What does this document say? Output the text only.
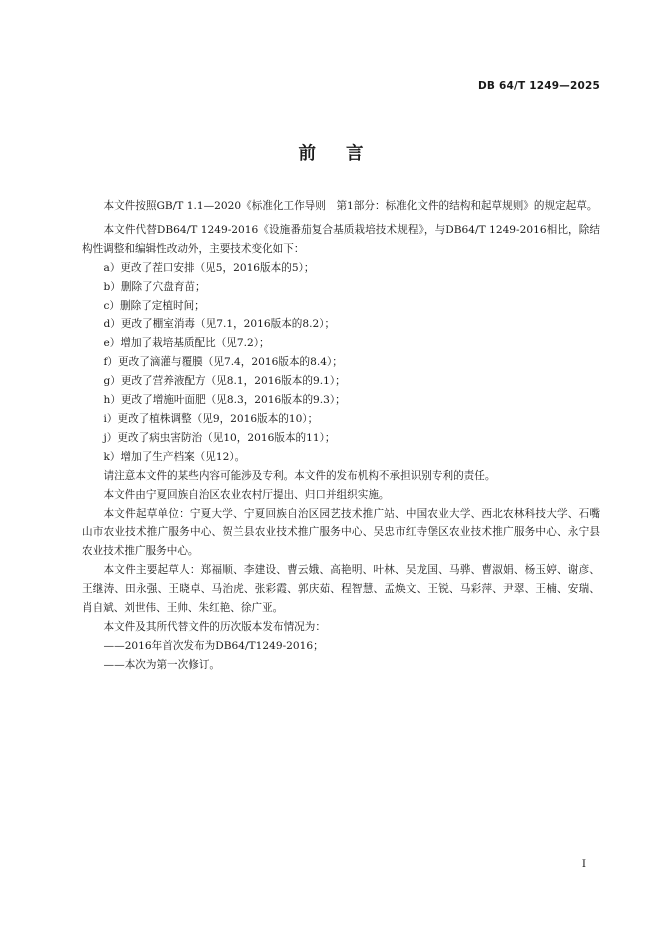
DB 64/T 1249—2025
前言

本文件按照GB/T 1.1—2020《标准化工作导则　第1部分：标准化文件的结构和起草规则》的规定起草。

本文件代替DB64/T 1249-2016《设施番茄复合基质栽培技术规程》，与DB64/T 1249-2016相比，除结构性调整和编辑性改动外，主要技术变化如下：

a）更改了茬口安排（见5，2016版本的5）；

b）删除了穴盘育苗；

c）删除了定植时间；

d）更改了棚室消毒（见7.1，2016版本的8.2）；

e）增加了栽培基质配比（见7.2）；

f）更改了滴灌与覆膜（见7.4，2016版本的8.4）；

g）更改了营养液配方（见8.1，2016版本的9.1）；

h）更改了增施叶面肥（见8.3，2016版本的9.3）；

i）更改了植株调整（见9，2016版本的10）；

j）更改了病虫害防治（见10，2016版本的11）；

k）增加了生产档案（见12）。

请注意本文件的某些内容可能涉及专利。本文件的发布机构不承担识别专利的责任。

本文件由宁夏回族自治区农业农村厅提出、归口并组织实施。

本文件起草单位：宁夏大学、宁夏回族自治区园艺技术推广站、中国农业大学、西北农林科技大学、石嘴山市农业技术推广服务中心、贺兰县农业技术推广服务中心、吴忠市红寺堡区农业技术推广服务中心、永宁县农业技术推广服务中心。

本文件主要起草人：郑福顺、李建设、曹云娥、高艳明、叶林、吴龙国、马骅、曹淑娟、杨玉婷、谢彦、王继涛、田永强、王晓卓、马治虎、张彩霞、郭庆茹、程智慧、孟焕文、王锐、马彩萍、尹翠、王楠、安瑞、肖自斌、刘世伟、王帅、朱红艳、徐广亚。

本文件及其所代替文件的历次版本发布情况为：

——2016年首次发布为DB64/T1249-2016；

——本次为第一次修订。

I
